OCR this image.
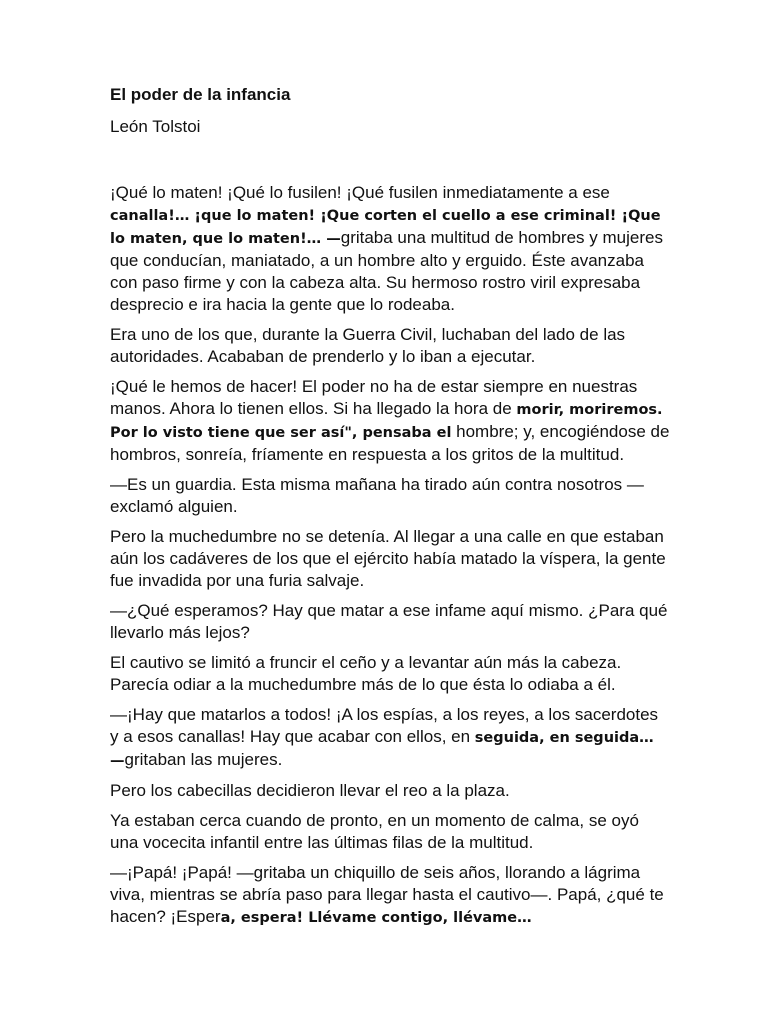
El poder de la infancia

León Tolstoi

¡Qué lo maten! ¡Qué lo fusilen! ¡Qué fusilen inmediatamente a ese canalla!… ¡que lo maten! ¡Que corten el cuello a ese criminal! ¡Que lo maten, que lo maten!… —gritaba una multitud de hombres y mujeres que conducían, maniatado, a un hombre alto y erguido. Éste avanzaba con paso firme y con la cabeza alta. Su hermoso rostro viril expresaba desprecio e ira hacia la gente que lo rodeaba.

Era uno de los que, durante la Guerra Civil, luchaban del lado de las autoridades. Acababan de prenderlo y lo iban a ejecutar.

¡Qué le hemos de hacer! El poder no ha de estar siempre en nuestras manos. Ahora lo tienen ellos. Si ha llegado la hora de morir, moriremos. Por lo visto tiene que ser así", pensaba el hombre; y, encogiéndose de hombros, sonreía, fríamente en respuesta a los gritos de la multitud.

—Es un guardia. Esta misma mañana ha tirado aún contra nosotros —exclamó alguien.

Pero la muchedumbre no se detenía. Al llegar a una calle en que estaban aún los cadáveres de los que el ejército había matado la víspera, la gente fue invadida por una furia salvaje.

—¿Qué esperamos? Hay que matar a ese infame aquí mismo. ¿Para qué llevarlo más lejos?

El cautivo se limitó a fruncir el ceño y a levantar aún más la cabeza. Parecía odiar a la muchedumbre más de lo que ésta lo odiaba a él.

—¡Hay que matarlos a todos! ¡A los espías, a los reyes, a los sacerdotes y a esos canallas! Hay que acabar con ellos, en seguida, en seguida… —gritaban las mujeres.

Pero los cabecillas decidieron llevar el reo a la plaza.

Ya estaban cerca cuando de pronto, en un momento de calma, se oyó una vocecita infantil entre las últimas filas de la multitud.

—¡Papá! ¡Papá! —gritaba un chiquillo de seis años, llorando a lágrima viva, mientras se abría paso para llegar hasta el cautivo—. Papá, ¿qué te hacen? ¡Espera, espera! Llévame contigo, llévame…
